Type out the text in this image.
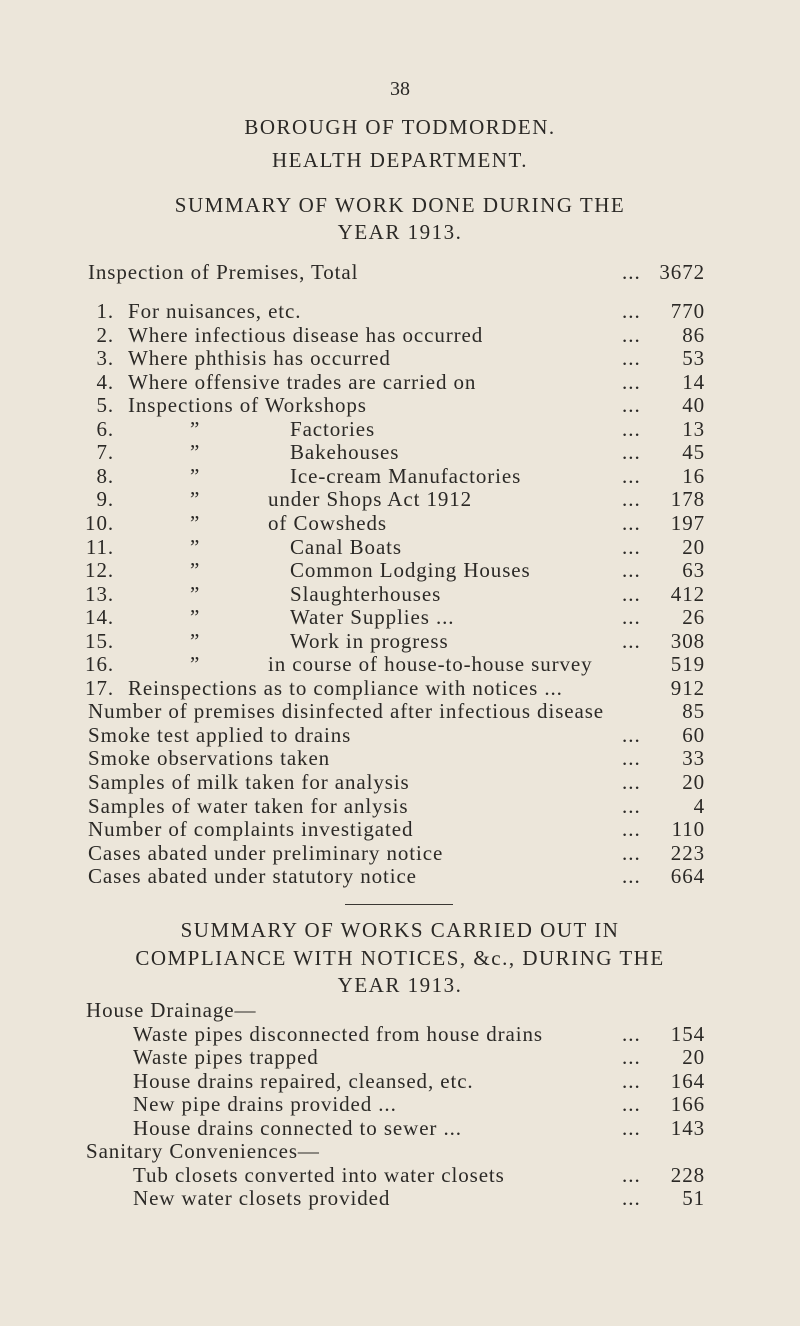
38
BOROUGH OF TODMORDEN.
HEALTH DEPARTMENT.
SUMMARY OF WORK DONE DURING THE
YEAR 1913.
Inspection of Premises, Total	... 3672
1. For nuisances, etc.	... 770
2. Where infectious disease has occurred	... 86
3. Where phthisis has occurred	... 53
4. Where offensive trades are carried on	... 14
5. Inspections of Workshops	... 40
6.	”	Factories	... 13
7.	”	Bakehouses	... 45
8.	”	Ice-cream Manufactories	... 16
9.	”	under Shops Act 1912	... 178
10.	”	of Cowsheds	... 197
11.	”	Canal Boats	... 20
12.	”	Common Lodging Houses	... 63
13.	”	Slaughterhouses	... 412
14.	”	Water Supplies ...	... 26
15.	”	Work in progress	... 308
16.	”	in course of house-to-house survey	519
17. Reinspections as to compliance with notices ...	912
Number of premises disinfected after infectious disease	85
Smoke test applied to drains	... 60
Smoke observations taken	... 33
Samples of milk taken for analysis	... 20
Samples of water taken for anlysis	...	4
Number of complaints investigated	... 110
Cases abated under preliminary notice	... 223
Cases abated under statutory notice	... 664
SUMMARY OF WORKS CARRIED OUT IN
COMPLIANCE WITH NOTICES, &c., DURING THE
YEAR 1913.
House Drainage—
Waste pipes disconnected from house drains	... 154
Waste pipes trapped	... 20
House drains repaired, cleansed, etc.	... 164
New pipe drains provided ...	... 166
House drains connected to sewer ...	... 143
Sanitary Conveniences—
Tub closets converted into water closets	... 228
New water closets provided	... 51
